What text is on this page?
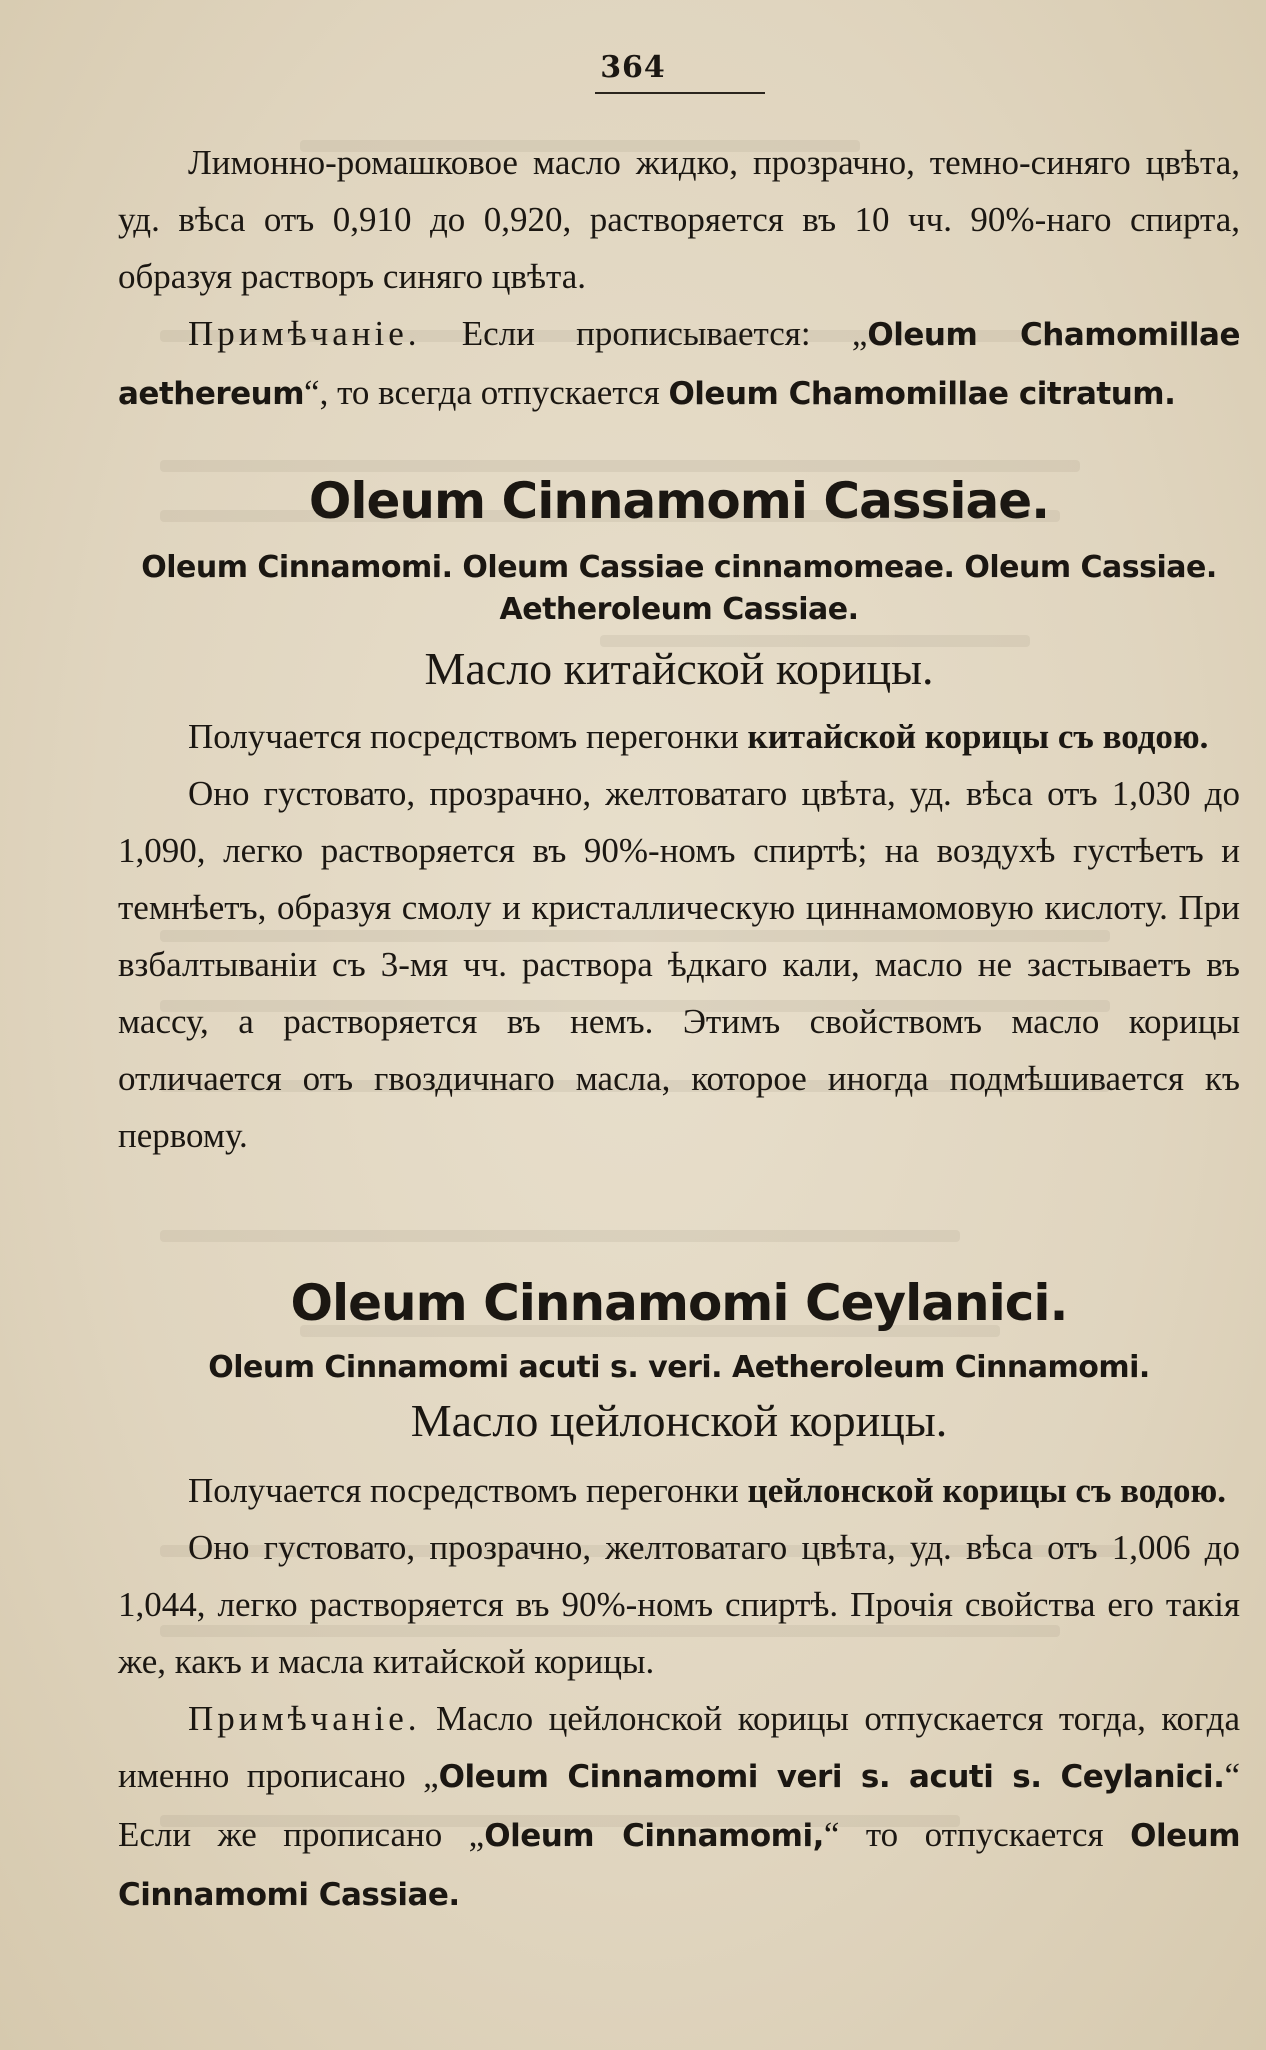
364

Лимонно-ромашковое масло жидко, прозрачно, темно-синяго цвѣта, уд. вѣса отъ 0,910 до 0,920, растворяется въ 10 чч. 90%-наго спирта, образуя растворъ синяго цвѣта.

Примѣчаніе. Если прописывается: „Oleum Chamomillae aethereum“, то всегда отпускается Oleum Chamomillae citratum.

Oleum Cinnamomi Cassiae.
Oleum Cinnamomi. Oleum Cassiae cinnamomeae. Oleum Cassiae.
Aetheroleum Cassiae.
Масло китайской корицы.

Получается посредствомъ перегонки китайской корицы съ водою.

Оно густовато, прозрачно, желтоватаго цвѣта, уд. вѣса отъ 1,030 до 1,090, легко растворяется въ 90%-номъ спиртѣ; на воздухѣ густѣетъ и темнѣетъ, образуя смолу и кристаллическую циннамомовую кислоту. При взбалтываніи съ 3-мя чч. раствора ѣдкаго кали, масло не застываетъ въ массу, а растворяется въ немъ. Этимъ свойствомъ масло корицы отличается отъ гвоздичнаго масла, которое иногда подмѣшивается къ первому.

Oleum Cinnamomi Ceylanici.
Oleum Cinnamomi acuti s. veri. Aetheroleum Cinnamomi.
Масло цейлонской корицы.

Получается посредствомъ перегонки цейлонской корицы съ водою.

Оно густовато, прозрачно, желтоватаго цвѣта, уд. вѣса отъ 1,006 до 1,044, легко растворяется въ 90%-номъ спиртѣ. Прочія свойства его такія же, какъ и масла китайской корицы.

Примѣчаніе. Масло цейлонской корицы отпускается тогда, когда именно прописано „Oleum Cinnamomi veri s. acuti s. Ceylanici.“ Если же прописано „Oleum Cinnamomi,“ то отпускается Oleum Cinnamomi Cassiae.
